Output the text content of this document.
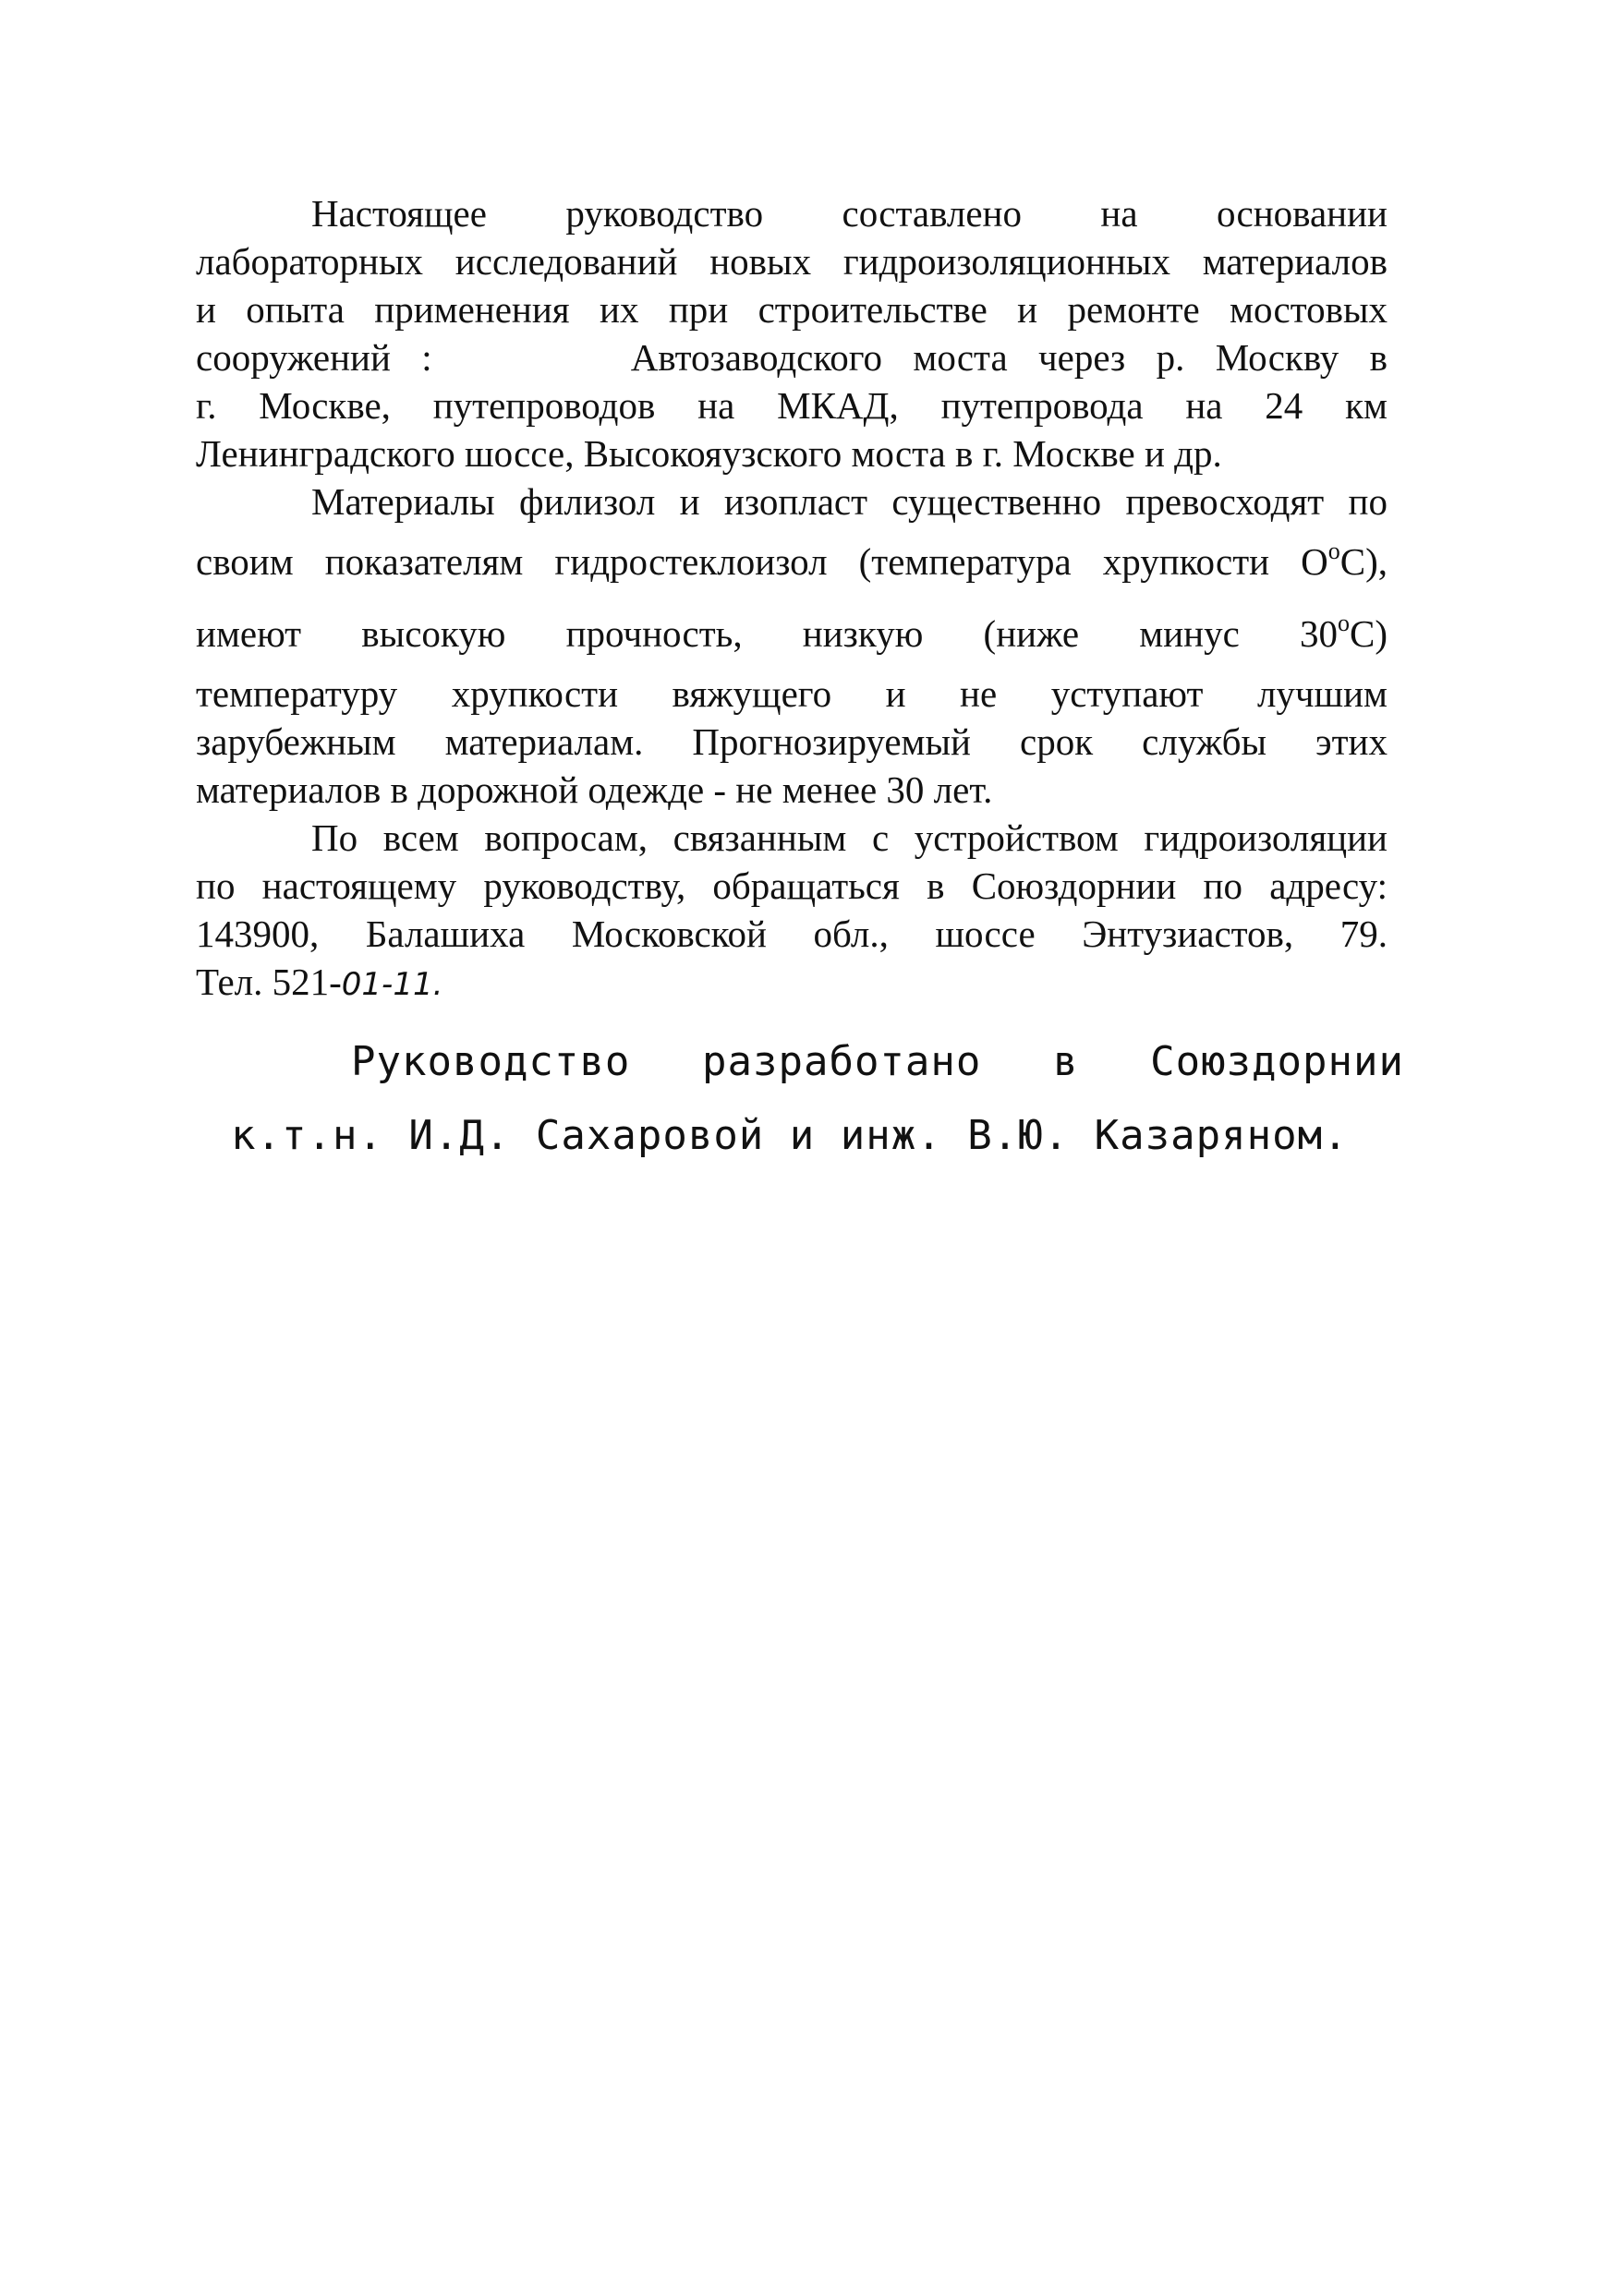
Настоящее руководство составлено на основании
лабораторных исследований новых гидроизоляционных материалов
и опыта применения их при строительстве и ремонте мостовых
сооружений :	Автозаводского моста через р. Москву в
г. Москве, путепроводов на МКАД, путепровода на 24 км
Ленинградского шоссе, Высокояузского моста в г. Москве и др.
Материалы филизол и изопласт существенно превосходят по
своим показателям гидростеклоизол (температура хрупкости $О^оС$),
имеют высокую прочность, низкую (ниже минус $30^оС$)
температуру хрупкости вяжущего и не уступают лучшим
зарубежным материалам. Прогнозируемый срок службы этих
материалов в дорожной одежде - не менее 30 лет.
По всем вопросам, связанным с устройством гидроизоляции
по настоящему руководству, обращаться в Союздорнии по адресу:
143900, Балашиха Московской обл., шоссе Энтузиастов, 79.
Тел. 521-01-11.
Руководство разработано в Союздорнии
к.т.н. И.Д. Сахаровой и инж. В.Ю. Казаряном.
